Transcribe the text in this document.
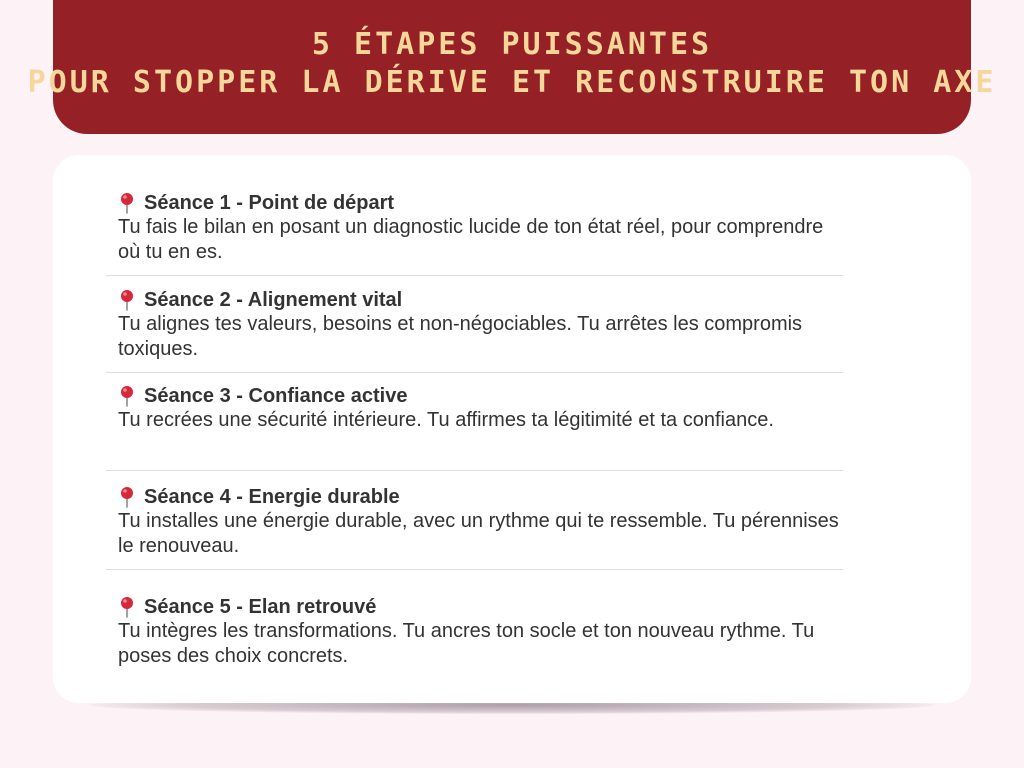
5 ÉTAPES PUISSANTES
POUR STOPPER LA DÉRIVE ET RECONSTRUIRE TON AXE
Séance 1 - Point de départ
Tu fais le bilan en posant un diagnostic lucide de ton état réel, pour comprendre où tu en es.
Séance 2 - Alignement vital
Tu alignes tes valeurs, besoins et non-négociables. Tu arrêtes les compromis toxiques.
Séance 3 - Confiance active
Tu recrées une sécurité intérieure. Tu affirmes ta légitimité et ta confiance.
Séance 4 - Energie durable
Tu installes une énergie durable, avec un rythme qui te ressemble. Tu pérennises le renouveau.
Séance 5 - Elan retrouvé
Tu intègres les transformations. Tu ancres ton socle et ton nouveau rythme. Tu poses des choix concrets.
